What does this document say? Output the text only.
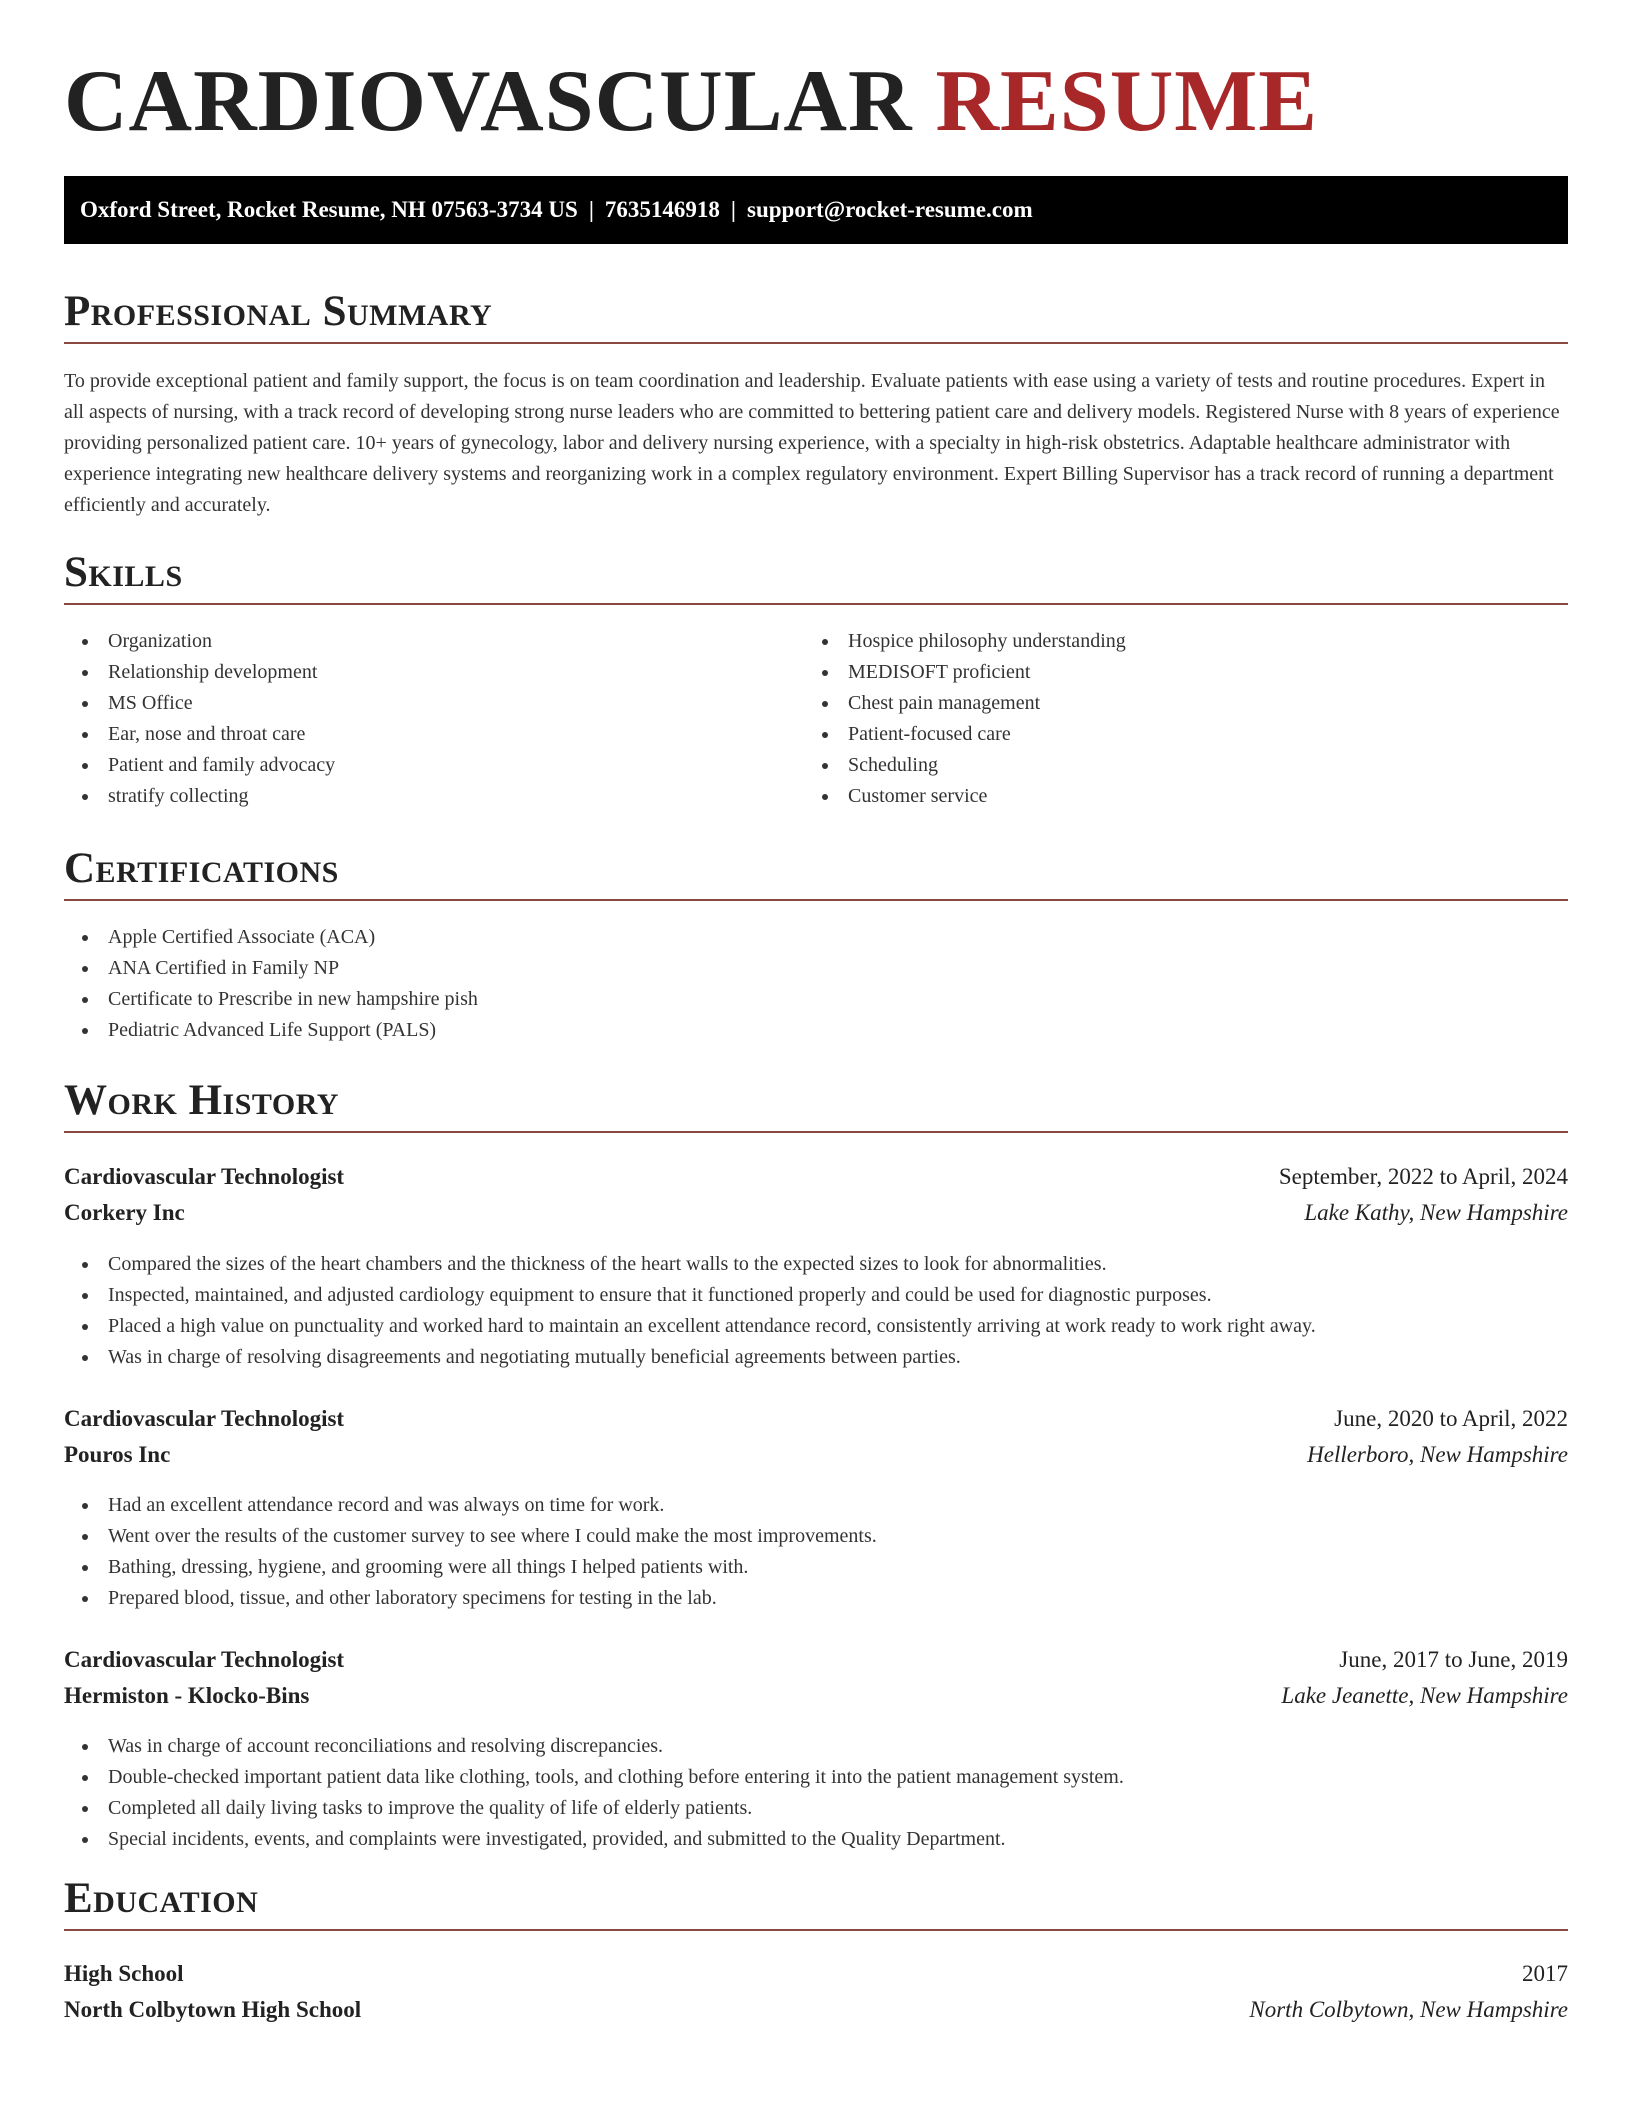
CARDIOVASCULAR RESUME
Oxford Street, Rocket Resume, NH 07563-3734 US | 7635146918 | support@rocket-resume.com
Professional Summary

To provide exceptional patient and family support, the focus is on team coordination and leadership. Evaluate patients with ease using a variety of tests and routine procedures. Expert in all aspects of nursing, with a track record of developing strong nurse leaders who are committed to bettering patient care and delivery models. Registered Nurse with 8 years of experience providing personalized patient care. 10+ years of gynecology, labor and delivery nursing experience, with a specialty in high-risk obstetrics. Adaptable healthcare administrator with experience integrating new healthcare delivery systems and reorganizing work in a complex regulatory environment. Expert Billing Supervisor has a track record of running a department efficiently and accurately.

Skills
Organization
Relationship development
MS Office
Ear, nose and throat care
Patient and family advocacy
stratify collecting
Hospice philosophy understanding
MEDISOFT proficient
Chest pain management
Patient-focused care
Scheduling
Customer service
Certifications
Apple Certified Associate (ACA)
ANA Certified in Family NP
Certificate to Prescribe in new hampshire pish
Pediatric Advanced Life Support (PALS)
Work History
Cardiovascular Technologist	September, 2022 to April, 2024
Corkery Inc	Lake Kathy, New Hampshire
Compared the sizes of the heart chambers and the thickness of the heart walls to the expected sizes to look for abnormalities.
Inspected, maintained, and adjusted cardiology equipment to ensure that it functioned properly and could be used for diagnostic purposes.
Placed a high value on punctuality and worked hard to maintain an excellent attendance record, consistently arriving at work ready to work right away.
Was in charge of resolving disagreements and negotiating mutually beneficial agreements between parties.
Cardiovascular Technologist	June, 2020 to April, 2022
Pouros Inc	Hellerboro, New Hampshire
Had an excellent attendance record and was always on time for work.
Went over the results of the customer survey to see where I could make the most improvements.
Bathing, dressing, hygiene, and grooming were all things I helped patients with.
Prepared blood, tissue, and other laboratory specimens for testing in the lab.
Cardiovascular Technologist	June, 2017 to June, 2019
Hermiston - Klocko-Bins	Lake Jeanette, New Hampshire
Was in charge of account reconciliations and resolving discrepancies.
Double-checked important patient data like clothing, tools, and clothing before entering it into the patient management system.
Completed all daily living tasks to improve the quality of life of elderly patients.
Special incidents, events, and complaints were investigated, provided, and submitted to the Quality Department.
Education
High School	2017
North Colbytown High School	North Colbytown, New Hampshire
